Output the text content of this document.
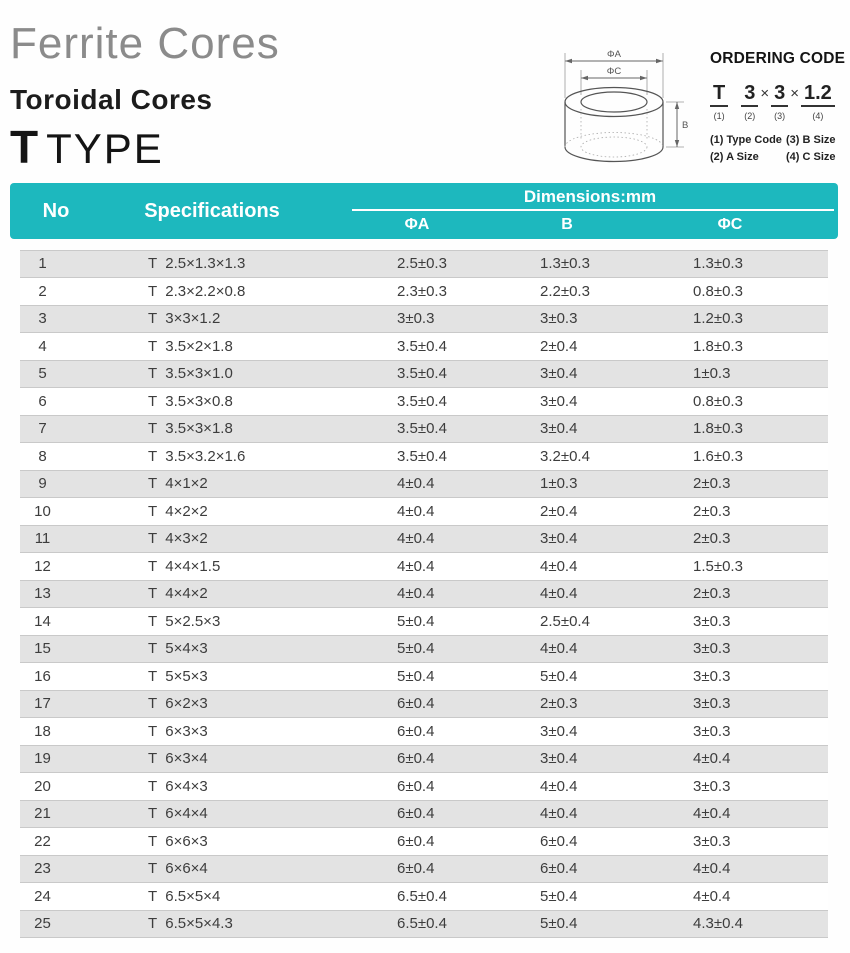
Ferrite Cores
Toroidal Cores
T TYPE
ΦA
ΦC
B
ORDERING CODE
T
(1)
3
(2)
× 3
(3)
× 1.2
(4)
(1) Type Code (3) B Size
(2) A Size	(4) C Size
No	Specifications
Dimensions:mm
ΦA	B	ΦC
1	T  2.5×1.3×1.3	2.5±0.3	1.3±0.3	1.3±0.3
2	T  2.3×2.2×0.8	2.3±0.3	2.2±0.3	0.8±0.3
3	T  3×3×1.2	3±0.3	3±0.3	1.2±0.3
4	T  3.5×2×1.8	3.5±0.4	2±0.4	1.8±0.3
5	T  3.5×3×1.0	3.5±0.4	3±0.4	1±0.3
6	T  3.5×3×0.8	3.5±0.4	3±0.4	0.8±0.3
7	T  3.5×3×1.8	3.5±0.4	3±0.4	1.8±0.3
8	T  3.5×3.2×1.6	3.5±0.4	3.2±0.4	1.6±0.3
9	T  4×1×2	4±0.4	1±0.3	2±0.3
10	T  4×2×2	4±0.4	2±0.4	2±0.3
11	T  4×3×2	4±0.4	3±0.4	2±0.3
12	T  4×4×1.5	4±0.4	4±0.4	1.5±0.3
13	T  4×4×2	4±0.4	4±0.4	2±0.3
14	T  5×2.5×3	5±0.4	2.5±0.4	3±0.3
15	T  5×4×3	5±0.4	4±0.4	3±0.3
16	T  5×5×3	5±0.4	5±0.4	3±0.3
17	T  6×2×3	6±0.4	2±0.3	3±0.3
18	T  6×3×3	6±0.4	3±0.4	3±0.3
19	T  6×3×4	6±0.4	3±0.4	4±0.4
20	T  6×4×3	6±0.4	4±0.4	3±0.3
21	T  6×4×4	6±0.4	4±0.4	4±0.4
22	T  6×6×3	6±0.4	6±0.4	3±0.3
23	T  6×6×4	6±0.4	6±0.4	4±0.4
24	T  6.5×5×4	6.5±0.4	5±0.4	4±0.4
25	T  6.5×5×4.3	6.5±0.4	5±0.4	4.3±0.4
